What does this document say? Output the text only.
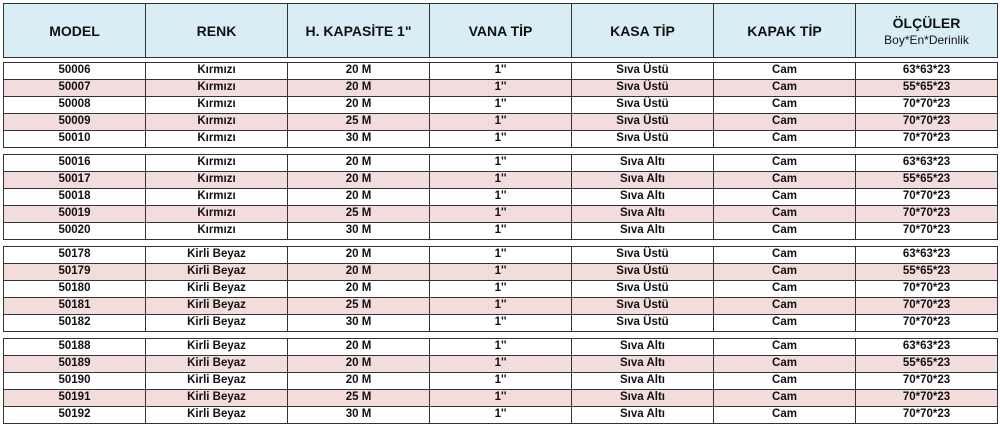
MODEL	RENK	H. KAPASİTE 1"	VANA TİP	KASA TİP	KAPAK TİP	ÖLÇÜLER
Boy*En*Derinlik
50006	Kırmızı	20 M	1''	Sıva Üstü	Cam	63*63*23
50007	Kırmızı	20 M	1''	Sıva Üstü	Cam	55*65*23
50008	Kırmızı	20 M	1''	Sıva Üstü	Cam	70*70*23
50009	Kırmızı	25 M	1''	Sıva Üstü	Cam	70*70*23
50010	Kırmızı	30 M	1''	Sıva Üstü	Cam	70*70*23
50016	Kırmızı	20 M	1''	Sıva Altı	Cam	63*63*23
50017	Kırmızı	20 M	1''	Sıva Altı	Cam	55*65*23
50018	Kırmızı	20 M	1''	Sıva Altı	Cam	70*70*23
50019	Kırmızı	25 M	1''	Sıva Altı	Cam	70*70*23
50020	Kırmızı	30 M	1''	Sıva Altı	Cam	70*70*23
50178	Kirli Beyaz	20 M	1''	Sıva Üstü	Cam	63*63*23
50179	Kirli Beyaz	20 M	1''	Sıva Üstü	Cam	55*65*23
50180	Kirli Beyaz	20 M	1''	Sıva Üstü	Cam	70*70*23
50181	Kirli Beyaz	25 M	1''	Sıva Üstü	Cam	70*70*23
50182	Kirli Beyaz	30 M	1''	Sıva Üstü	Cam	70*70*23
50188	Kirli Beyaz	20 M	1''	Sıva Altı	Cam	63*63*23
50189	Kirli Beyaz	20 M	1''	Sıva Altı	Cam	55*65*23
50190	Kirli Beyaz	20 M	1''	Sıva Altı	Cam	70*70*23
50191	Kirli Beyaz	25 M	1''	Sıva Altı	Cam	70*70*23
50192	Kirli Beyaz	30 M	1''	Sıva Altı	Cam	70*70*23
